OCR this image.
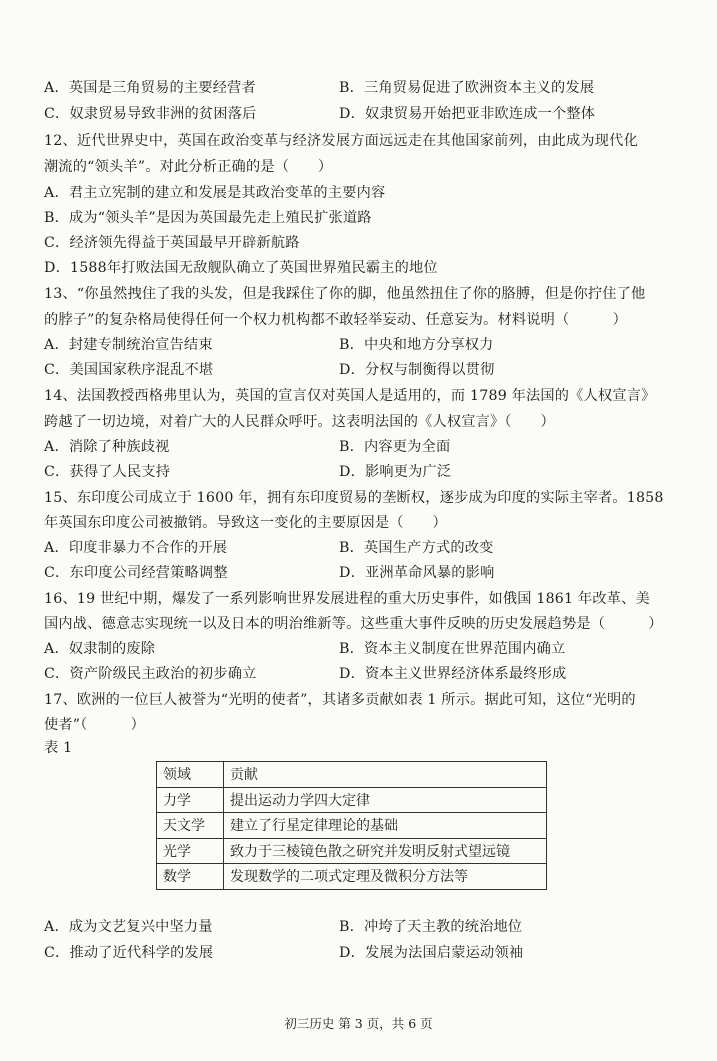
A．英国是三角贸易的主要经营者	B．三角贸易促进了欧洲资本主义的发展
C．奴隶贸易导致非洲的贫困落后	D．奴隶贸易开始把亚非欧连成一个整体
12、近代世界史中，英国在政治变革与经济发展方面远远走在其他国家前列，由此成为现代化
潮流的“领头羊”。对此分析正确的是（　　）
A．君主立宪制的建立和发展是其政治变革的主要内容
B．成为“领头羊”是因为英国最先走上殖民扩张道路
C．经济领先得益于英国最早开辟新航路
D．1588年打败法国无敌舰队确立了英国世界殖民霸主的地位
13、“你虽然拽住了我的头发，但是我踩住了你的脚，他虽然扭住了你的胳膊，但是你拧住了他
的脖子”的复杂格局使得任何一个权力机构都不敢轻举妄动、任意妄为。材料说明（　　　）
A．封建专制统治宣告结束	B．中央和地方分享权力
C．美国国家秩序混乱不堪	D．分权与制衡得以贯彻
14、法国教授西格弗里认为，英国的宣言仅对英国人是适用的，而 1789 年法国的《人权宣言》
跨越了一切边境，对着广大的人民群众呼吁。这表明法国的《人权宣言》（　　）
A．消除了种族歧视	B．内容更为全面
C．获得了人民支持	D．影响更为广泛
15、东印度公司成立于 1600 年，拥有东印度贸易的垄断权，逐步成为印度的实际主宰者。1858
年英国东印度公司被撤销。导致这一变化的主要原因是（　　）
A．印度非暴力不合作的开展	B．英国生产方式的改变
C．东印度公司经营策略调整	D．亚洲革命风暴的影响
16、19 世纪中期，爆发了一系列影响世界发展进程的重大历史事件，如俄国 1861 年改革、美
国内战、德意志实现统一以及日本的明治维新等。这些重大事件反映的历史发展趋势是（　　　）
A．奴隶制的废除	B．资本主义制度在世界范围内确立
C．资产阶级民主政治的初步确立	D．资本主义世界经济体系最终形成
17、欧洲的一位巨人被誉为“光明的使者”，其诸多贡献如表 1 所示。据此可知，这位“光明的
使者”（　　　）
表 1
领域	贡献
力学	提出运动力学四大定律
天文学	建立了行星定律理论的基础
光学	致力于三棱镜色散之研究并发明反射式望远镜
数学	发现数学的二项式定理及微积分方法等
A．成为文艺复兴中坚力量	B．冲垮了天主教的统治地位
C．推动了近代科学的发展	D．发展为法国启蒙运动领袖
初三历史 第 3 页，共 6 页
